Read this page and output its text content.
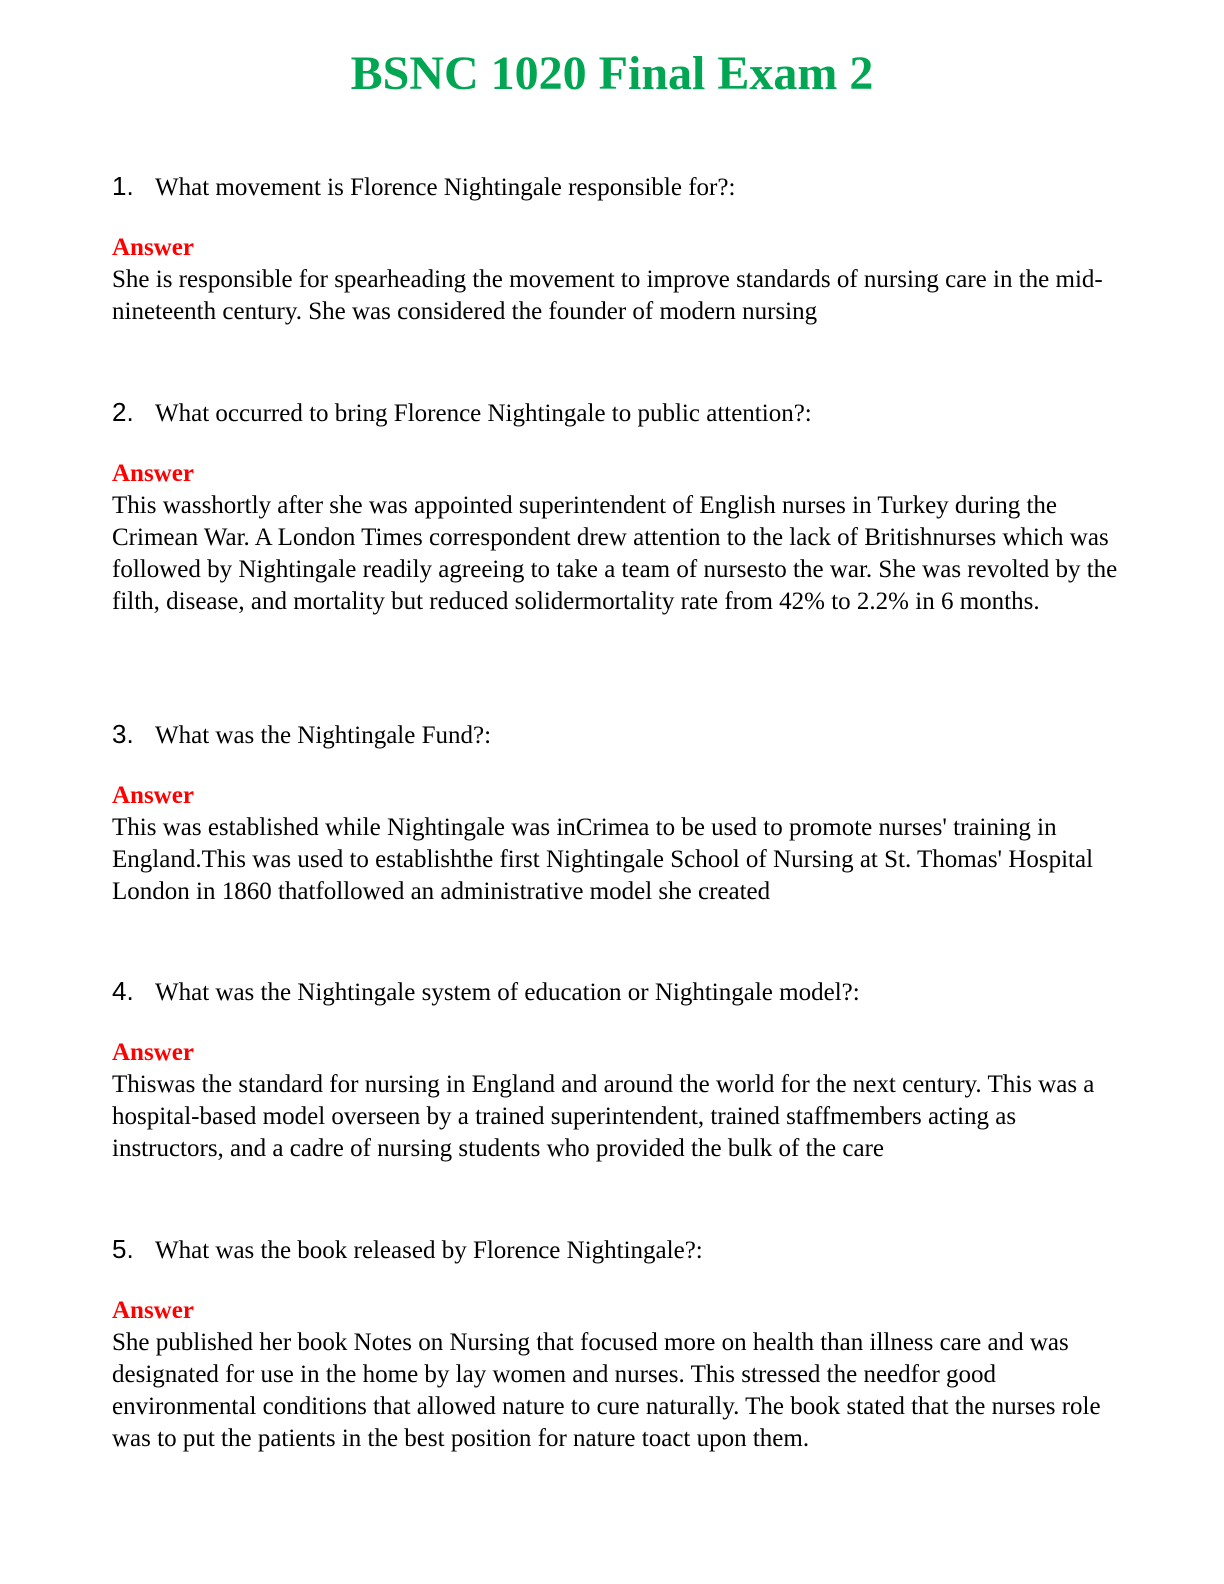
BSNC 1020 Final Exam 2
1. What movement is Florence Nightingale responsible for?:
Answer

She is responsible for spearheading the movement to improve standards of nursing care in the mid-nineteenth century. She was considered the founder of modern nursing

2. What occurred to bring Florence Nightingale to public attention?:
Answer

This wasshortly after she was appointed superintendent of English nurses in Turkey during the Crimean War. A London Times correspondent drew attention to the lack of Britishnurses which was followed by Nightingale readily agreeing to take a team of nursesto the war. She was revolted by the filth, disease, and mortality but reduced solidermortality rate from 42% to 2.2% in 6 months.

3. What was the Nightingale Fund?:
Answer

This was established while Nightingale was inCrimea to be used to promote nurses' training in England.This was used to establishthe first Nightingale School of Nursing at St. Thomas' Hospital London in 1860 thatfollowed an administrative model she created

4. What was the Nightingale system of education or Nightingale model?:
Answer

Thiswas the standard for nursing in England and around the world for the next century. This was a hospital-based model overseen by a trained superintendent, trained staffmembers acting as instructors, and a cadre of nursing students who provided the bulk of the care

5. What was the book released by Florence Nightingale?:
Answer

She published her book Notes on Nursing that focused more on health than illness care and was designated for use in the home by lay women and nurses. This stressed the needfor good environmental conditions that allowed nature to cure naturally. The book stated that the nurses role was to put the patients in the best position for nature toact upon them.
